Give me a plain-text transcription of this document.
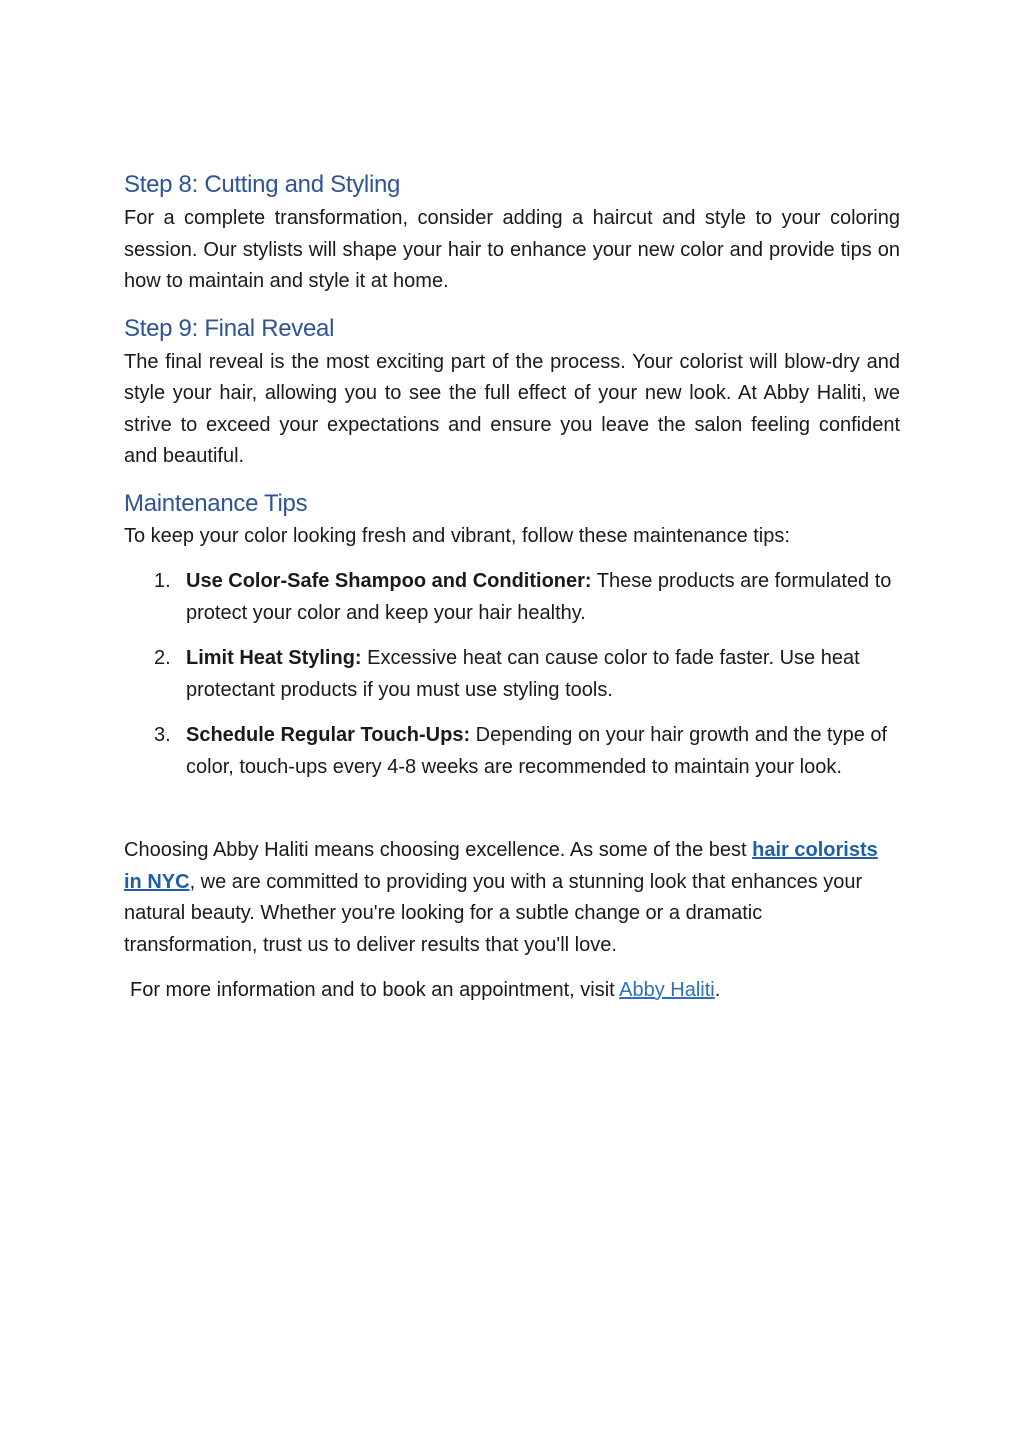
Step 8: Cutting and Styling

For a complete transformation, consider adding a haircut and style to your coloring session. Our stylists will shape your hair to enhance your new color and provide tips on how to maintain and style it at home.

Step 9: Final Reveal

The final reveal is the most exciting part of the process. Your colorist will blow-dry and style your hair, allowing you to see the full effect of your new look. At Abby Haliti, we strive to exceed your expectations and ensure you leave the salon feeling confident and beautiful.

Maintenance Tips

To keep your color looking fresh and vibrant, follow these maintenance tips:

1. Use Color-Safe Shampoo and Conditioner: These products are formulated to protect your color and keep your hair healthy.
2. Limit Heat Styling: Excessive heat can cause color to fade faster. Use heat protectant products if you must use styling tools.
3. Schedule Regular Touch-Ups: Depending on your hair growth and the type of color, touch-ups every 4-8 weeks are recommended to maintain your look.

Choosing Abby Haliti means choosing excellence. As some of the best hair colorists in NYC, we are committed to providing you with a stunning look that enhances your natural beauty. Whether you're looking for a subtle change or a dramatic transformation, trust us to deliver results that you'll love.

For more information and to book an appointment, visit Abby Haliti.
